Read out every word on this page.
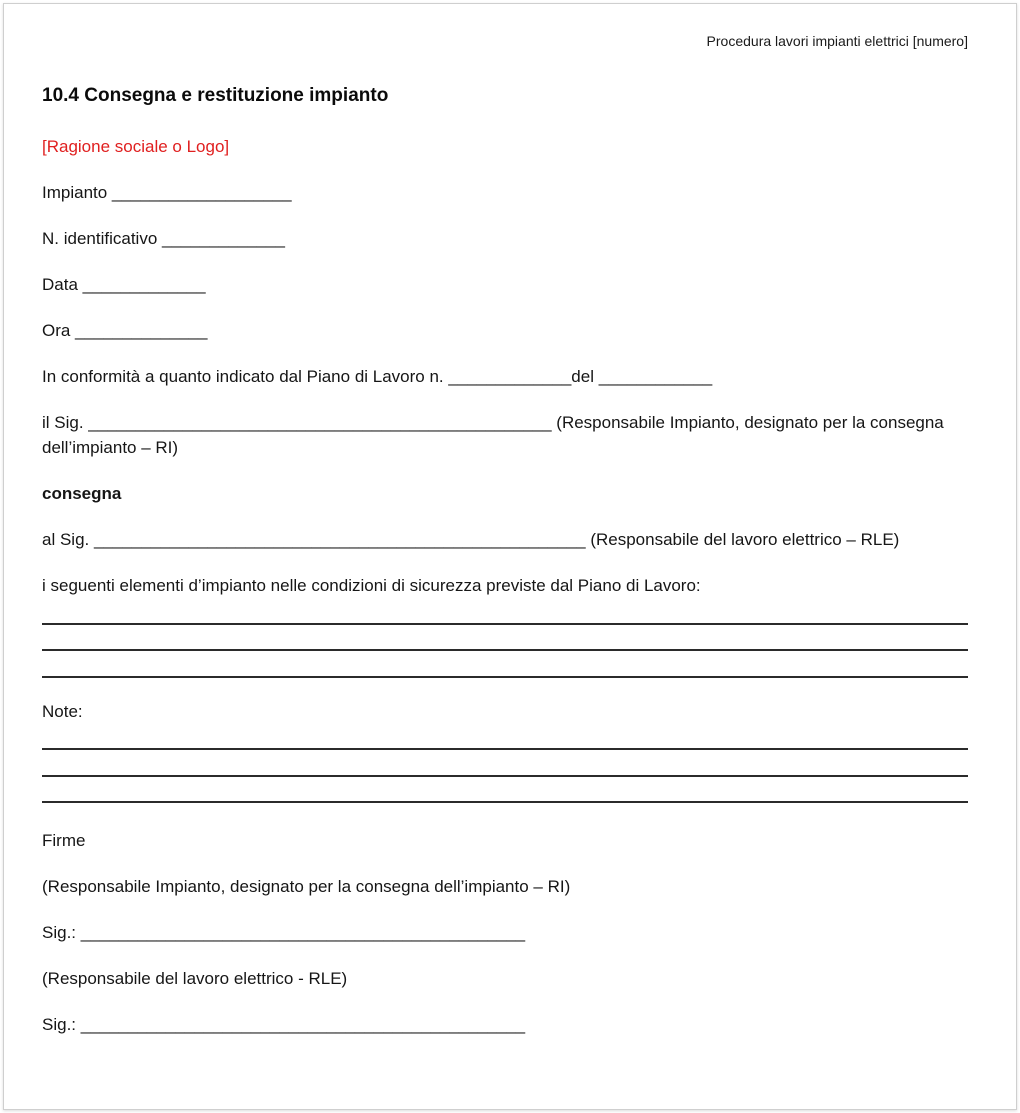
Procedura lavori impianti elettrici [numero]
10.4 Consegna e restituzione impianto

[Ragione sociale o Logo]

Impianto ___________________

N. identificativo _____________

Data _____________

Ora ______________

In conformità a quanto indicato dal Piano di Lavoro n. _____________del ____________

il Sig. _________________________________________________ (Responsabile Impianto, designato per la consegna dell’impianto – RI)

consegna

al Sig. ____________________________________________________ (Responsabile del lavoro elettrico – RLE)

i seguenti elementi d’impianto nelle condizioni di sicurezza previste dal Piano di Lavoro:

Note:

Firme

(Responsabile Impianto, designato per la consegna dell’impianto – RI)

Sig.: _______________________________________________

(Responsabile del lavoro elettrico - RLE)

Sig.: _______________________________________________
